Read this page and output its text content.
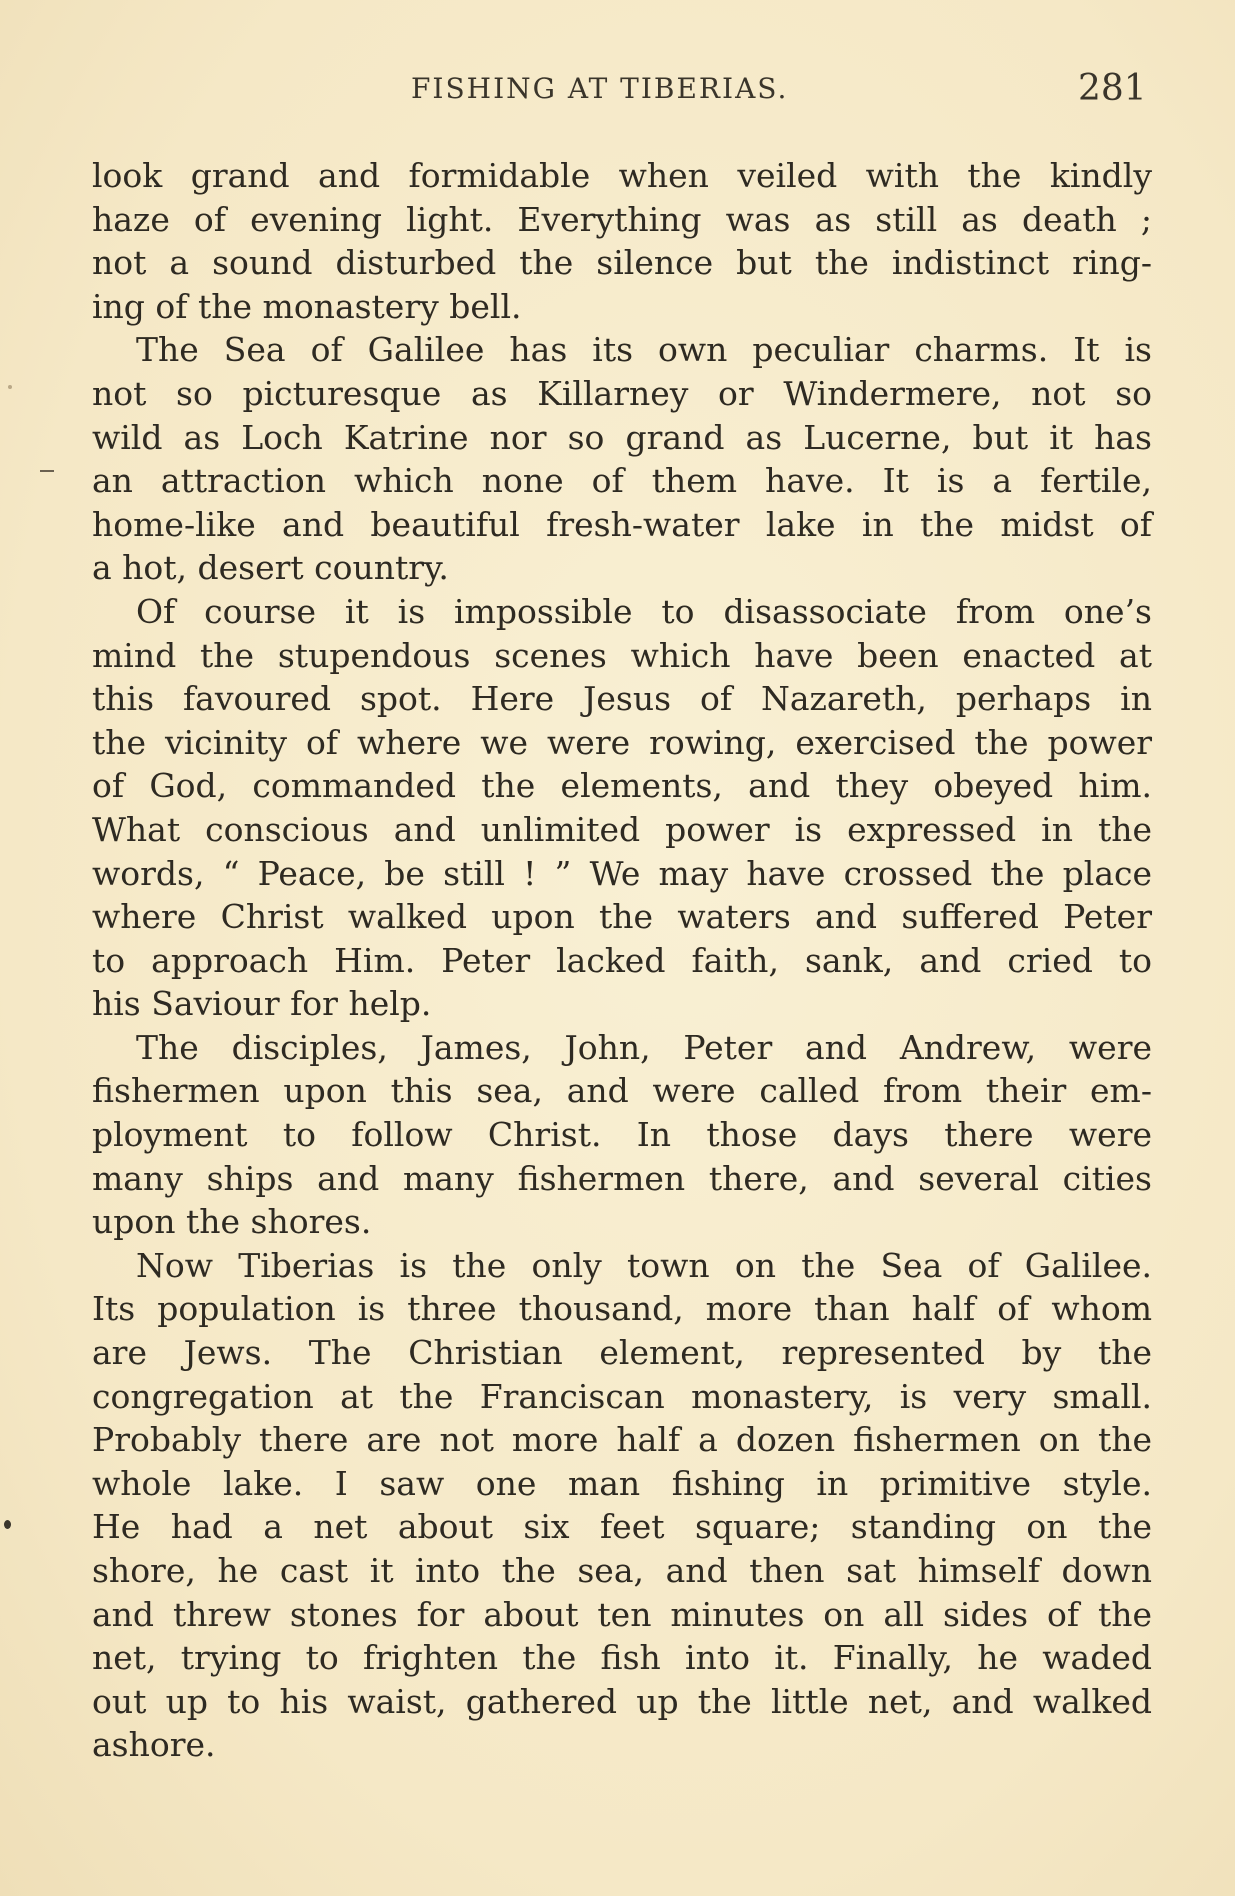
FISHING AT TIBERIAS.	281
look grand and formidable when veiled with the kindly
haze of evening light. Everything was as still as death ;
not a sound disturbed the silence but the indistinct ring-
ing of the monastery bell.
The Sea of Galilee has its own peculiar charms. It is
not so picturesque as Killarney or Windermere, not so
wild as Loch Katrine nor so grand as Lucerne, but it has
an attraction which none of them have. It is a fertile,
home-like and beautiful fresh-water lake in the midst of
a hot, desert country.
Of course it is impossible to disassociate from one’s
mind the stupendous scenes which have been enacted at
this favoured spot. Here Jesus of Nazareth, perhaps in
the vicinity of where we were rowing, exercised the power
of God, commanded the elements, and they obeyed him.
What conscious and unlimited power is expressed in the
words, “ Peace, be still ! ” We may have crossed the place
where Christ walked upon the waters and suffered Peter
to approach Him. Peter lacked faith, sank, and cried to
his Saviour for help.
The disciples, James, John, Peter and Andrew, were
fishermen upon this sea, and were called from their em-
ployment to follow Christ. In those days there were
many ships and many fishermen there, and several cities
upon the shores.
Now Tiberias is the only town on the Sea of Galilee.
Its population is three thousand, more than half of whom
are Jews. The Christian element, represented by the
congregation at the Franciscan monastery, is very small.
Probably there are not more half a dozen fishermen on the
whole lake. I saw one man fishing in primitive style.
He had a net about six feet square; standing on the
shore, he cast it into the sea, and then sat himself down
and threw stones for about ten minutes on all sides of the
net, trying to frighten the fish into it. Finally, he waded
out up to his waist, gathered up the little net, and walked
ashore.
